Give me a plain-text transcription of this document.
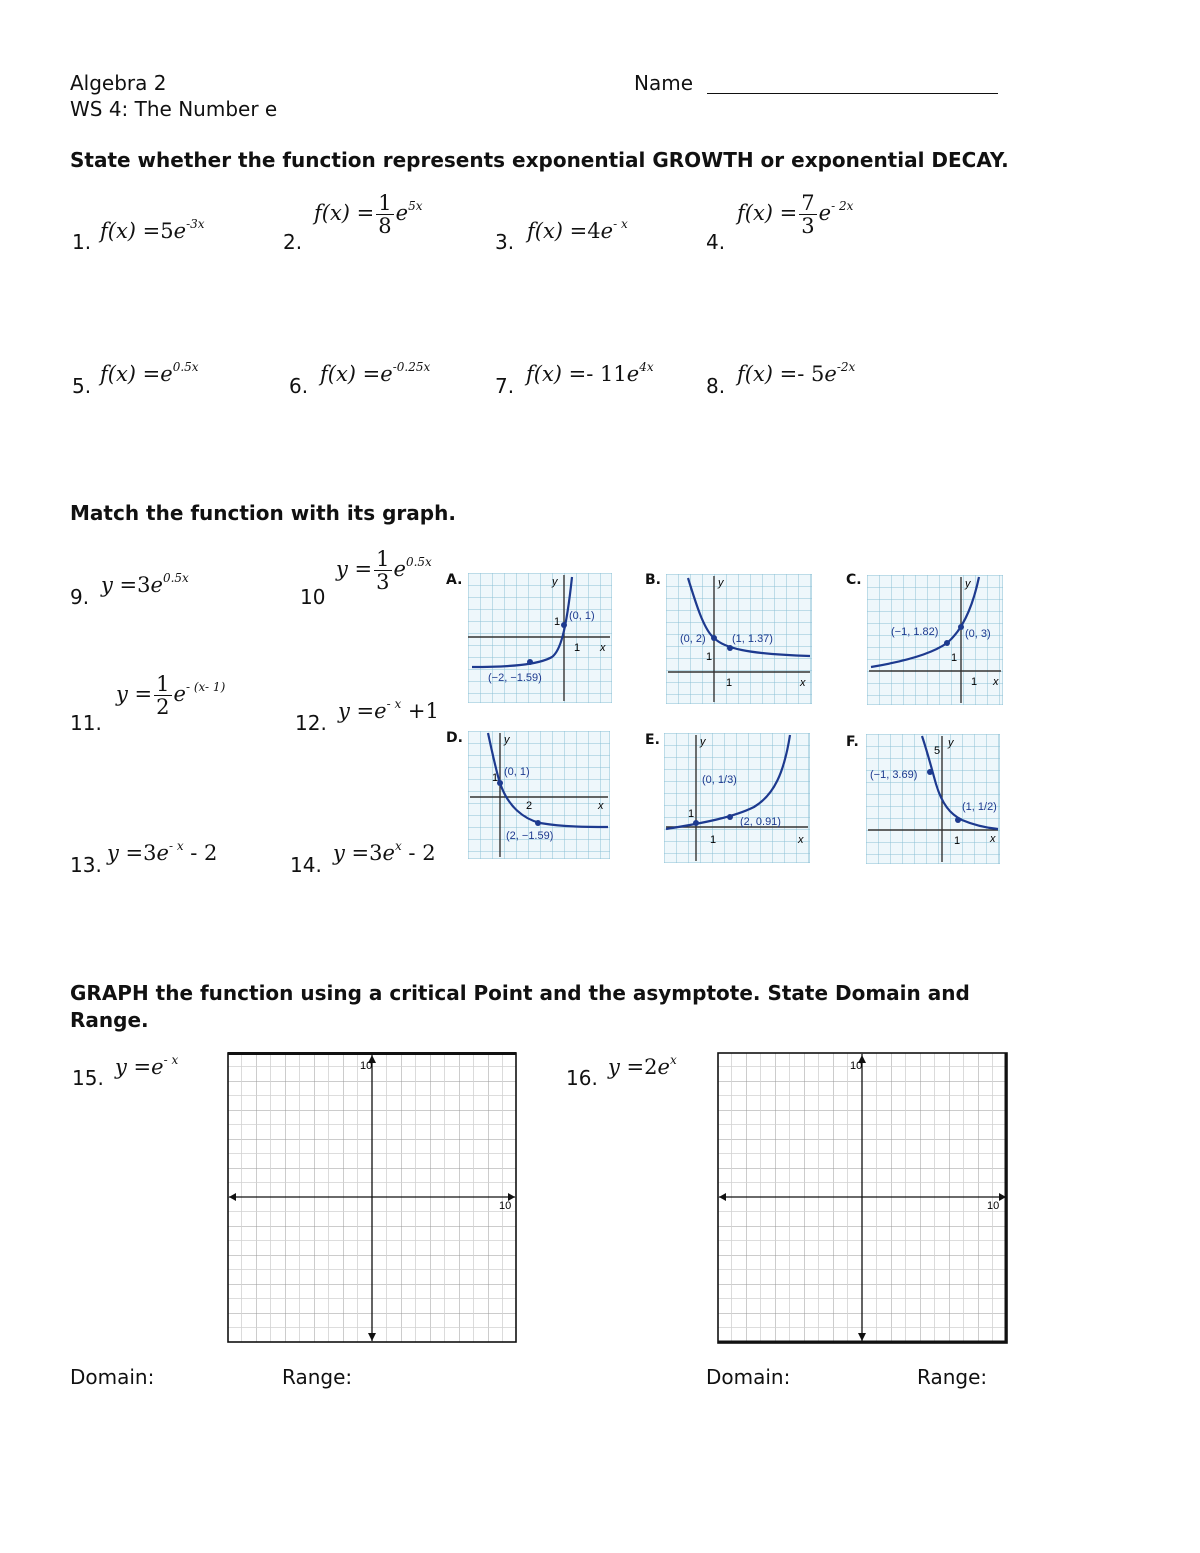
Algebra 2
WS 4: The Number e
Name
State whether the function represents exponential GROWTH or exponential DECAY.
1. $f(x) =5e^{-3x}$
2.
$f(x) = \frac{1}{8} e^{5x}$
3. $f(x) =4e^{- x}$
4.
$f(x) = \frac{7}{3} e^{- 2x}$
5. $f(x) =e^{0.5x}$
6. $f(x) =e^{-0.25x}$
7. $f(x) =- 11e^{4x}$
8. $f(x) =- 5e^{-2x}$
Match the function with its graph.
9. $y =3e^{0.5x}$
10
$y = \frac{1}{3} e^{0.5x}$
11.
$y = \frac{1}{2} e^{- (x- 1)}$
12. $y =e^{- x} +1$
13. $y =3e^{- x} - 2$	14. $y =3e^x - 2$
A.
(0, 1)
(−2, −1.59)
1
1 x
y	B.
(0, 2) (1, 1.37)
1
1	x
y	C.
(−1, 1.82) (0, 3)
1
1 x
y
D.
(0, 1)
(2, −1.59)
1
2	x
y	E.
(0, 1/3)
(2, 0.91)
1
1	x
y	F.
(−1, 3.69)
(1, 1/2)
5
1	x
y
GRAPH the function using a critical Point and the asymptote. State Domain and
Range.
15. $y =e^{- x}$
16. $y =2e^x$
10
10
10
10
Domain:	Range:	Domain:	Range:
